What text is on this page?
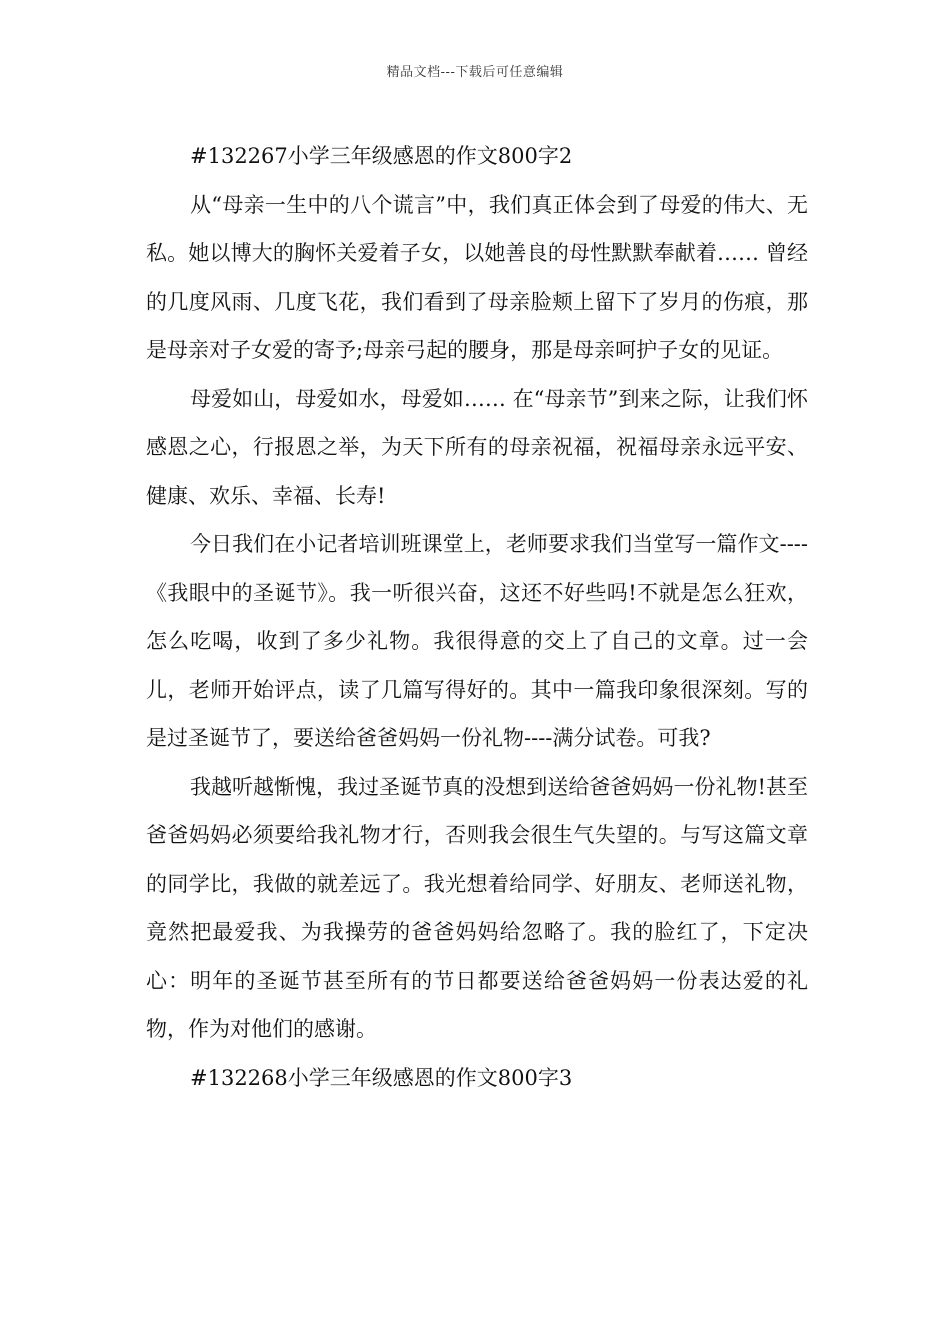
精品文档---下载后可任意编辑

#132267小学三年级感恩的作文800字2

从“母亲一生中的八个谎言”中，我们真正体会到了母爱的伟大、无私。她以博大的胸怀关爱着子女，以她善良的母性默默奉献着…… 曾经的几度风雨、几度飞花，我们看到了母亲脸颊上留下了岁月的伤痕，那是母亲对子女爱的寄予;母亲弓起的腰身，那是母亲呵护子女的见证。

母爱如山，母爱如水，母爱如…… 在“母亲节”到来之际，让我们怀感恩之心，行报恩之举，为天下所有的母亲祝福，祝福母亲永远平安、健康、欢乐、幸福、长寿!

今日我们在小记者培训班课堂上，老师要求我们当堂写一篇作文----《我眼中的圣诞节》。我一听很兴奋，这还不好些吗!不就是怎么狂欢，怎么吃喝，收到了多少礼物。我很得意的交上了自己的文章。过一会儿，老师开始评点，读了几篇写得好的。其中一篇我印象很深刻。写的是过圣诞节了，要送给爸爸妈妈一份礼物----满分试卷。可我?

我越听越惭愧，我过圣诞节真的没想到送给爸爸妈妈一份礼物!甚至爸爸妈妈必须要给我礼物才行，否则我会很生气失望的。与写这篇文章的同学比，我做的就差远了。我光想着给同学、好朋友、老师送礼物，竟然把最爱我、为我操劳的爸爸妈妈给忽略了。我的脸红了，下定决心：明年的圣诞节甚至所有的节日都要送给爸爸妈妈一份表达爱的礼物，作为对他们的感谢。

#132268小学三年级感恩的作文800字3
